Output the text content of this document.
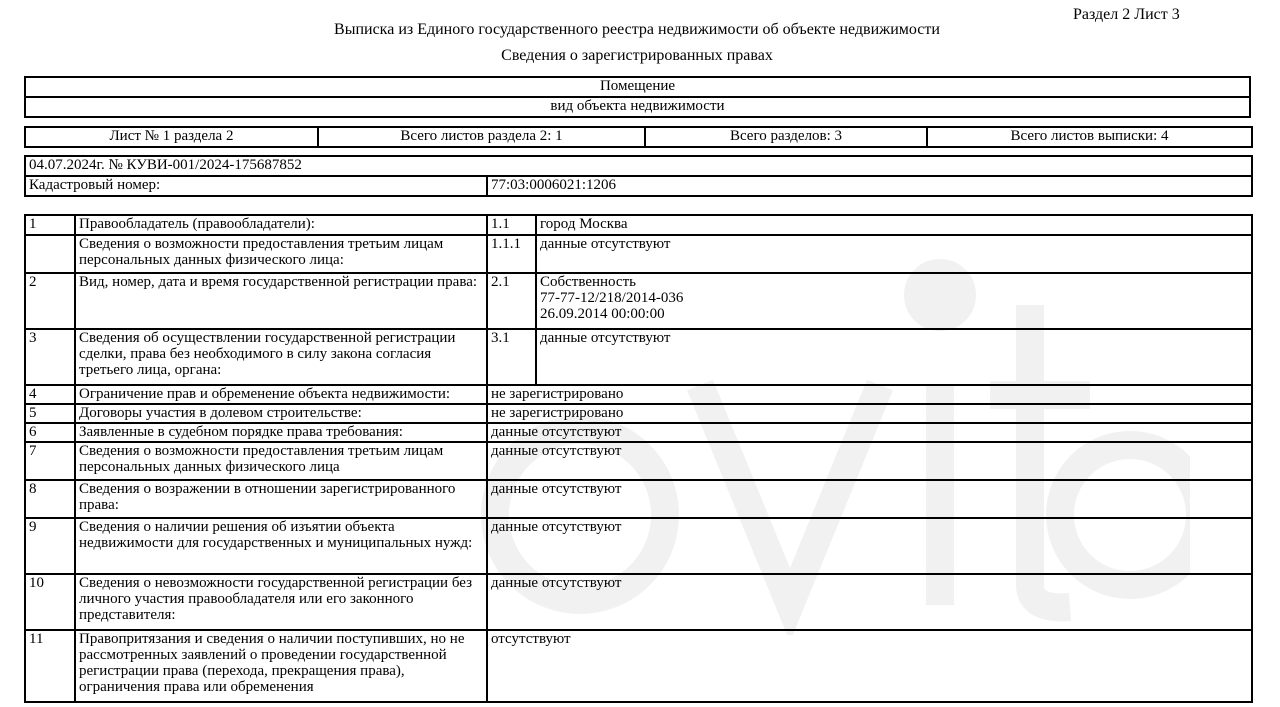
Раздел 2 Лист 3
Выписка из Единого государственного реестра недвижимости об объекте недвижимости
Сведения о зарегистрированных правах
Помещение
вид объекта недвижимости
Лист № 1 раздела 2	Всего листов раздела 2: 1	Всего разделов: 3	Всего листов выписки: 4
04.07.2024г. № КУВИ-001/2024-175687852
Кадастровый номер:	77:03:0006021:1206
1	Правообладатель (правообладатели):	1.1	город Москва
	Сведения о возможности предоставления третьим лицам персональных данных физического лица:	1.1.1	данные отсутствуют
2	Вид, номер, дата и время государственной регистрации права:	2.1	Собственность
77-77-12/218/2014-036
26.09.2014 00:00:00
3	Сведения об осуществлении государственной регистрации сделки, права без необходимого в силу закона согласия третьего лица, органа:	3.1	данные отсутствуют
4	Ограничение прав и обременение объекта недвижимости:	не зарегистрировано	
5	Договоры участия в долевом строительстве:	не зарегистрировано	
6	Заявленные в судебном порядке права требования:	данные отсутствуют	
7	Сведения о возможности предоставления третьим лицам персональных данных физического лица	данные отсутствуют	
8	Сведения о возражении в отношении зарегистрированного права:	данные отсутствуют	
9	Сведения о наличии решения об изъятии объекта недвижимости для государственных и муниципальных нужд:	данные отсутствуют	
10	Сведения о невозможности государственной регистрации без личного участия правообладателя или его законного представителя:	данные отсутствуют	
11	Правопритязания и сведения о наличии поступивших, но не рассмотренных заявлений о проведении государственной регистрации права (перехода, прекращения права), ограничения права или обременения	отсутствуют	
